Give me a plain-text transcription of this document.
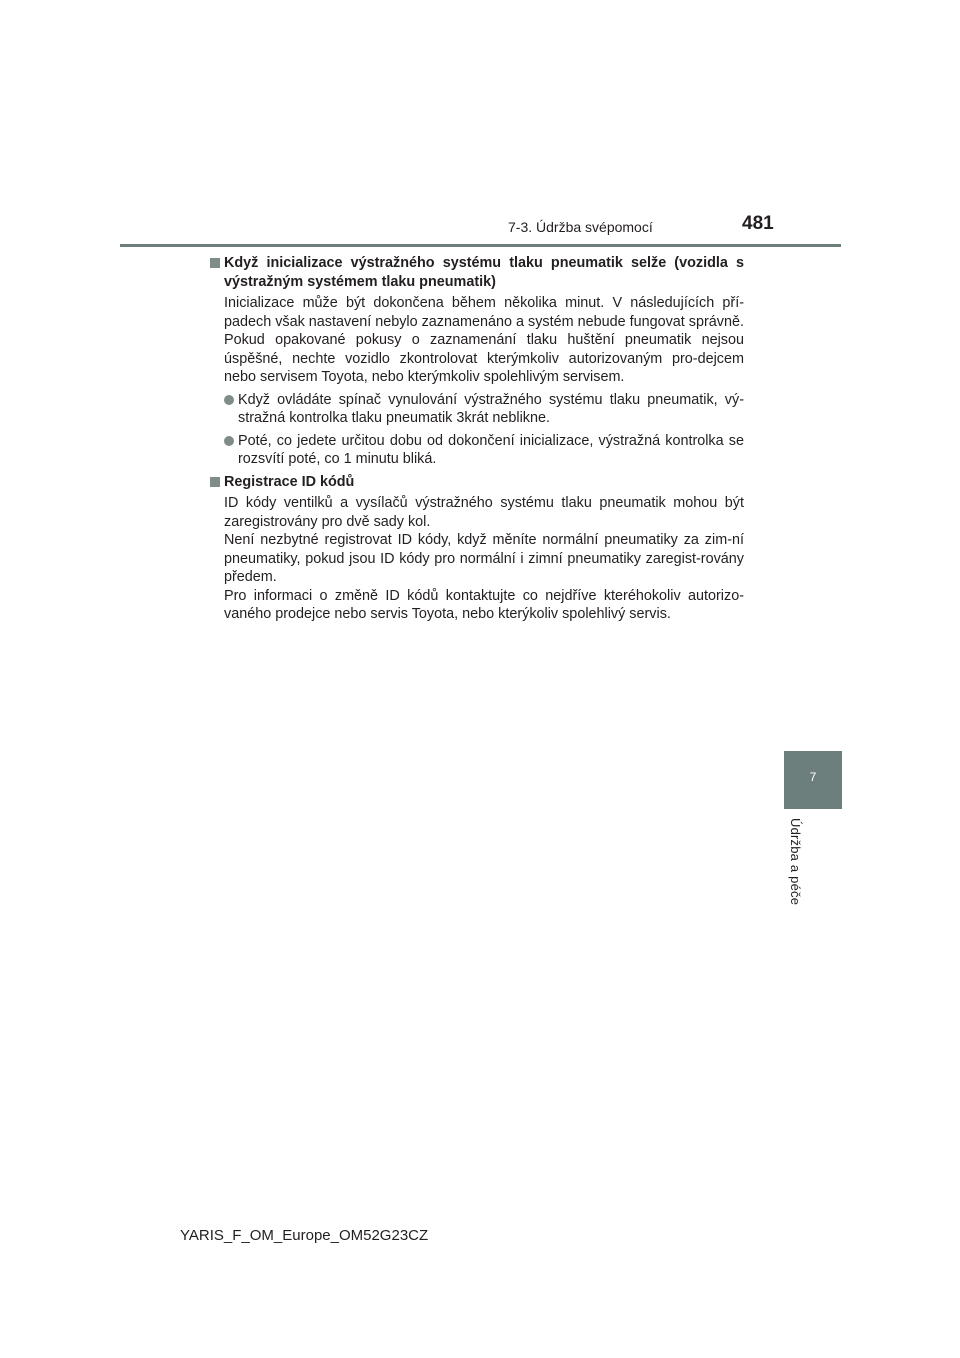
7-3. Údržba svépomocí	481
7
Údržba a péče
Když inicializace výstražného systému tlaku pneumatik selže (vozidla s výstražným systémem tlaku pneumatik)

Inicializace může být dokončena během několika minut. V následujících pří-padech však nastavení nebylo zaznamenáno a systém nebude fungovat správně. Pokud opakované pokusy o zaznamenání tlaku huštění pneumatik nejsou úspěšné, nechte vozidlo zkontrolovat kterýmkoliv autorizovaným pro-dejcem nebo servisem Toyota, nebo kterýmkoliv spolehlivým servisem.

Když ovládáte spínač vynulování výstražného systému tlaku pneumatik, vý-stražná kontrolka tlaku pneumatik 3krát neblikne.
Poté, co jedete určitou dobu od dokončení inicializace, výstražná kontrolka se rozsvítí poté, co 1 minutu bliká.
Registrace ID kódů

ID kódy ventilků a vysílačů výstražného systému tlaku pneumatik mohou být zaregistrovány pro dvě sady kol.

Není nezbytné registrovat ID kódy, když měníte normální pneumatiky za zim-ní pneumatiky, pokud jsou ID kódy pro normální i zimní pneumatiky zaregist-rovány předem.

Pro informaci o změně ID kódů kontaktujte co nejdříve kteréhokoliv autorizo-vaného prodejce nebo servis Toyota, nebo kterýkoliv spolehlivý servis.

YARIS_F_OM_Europe_OM52G23CZ
